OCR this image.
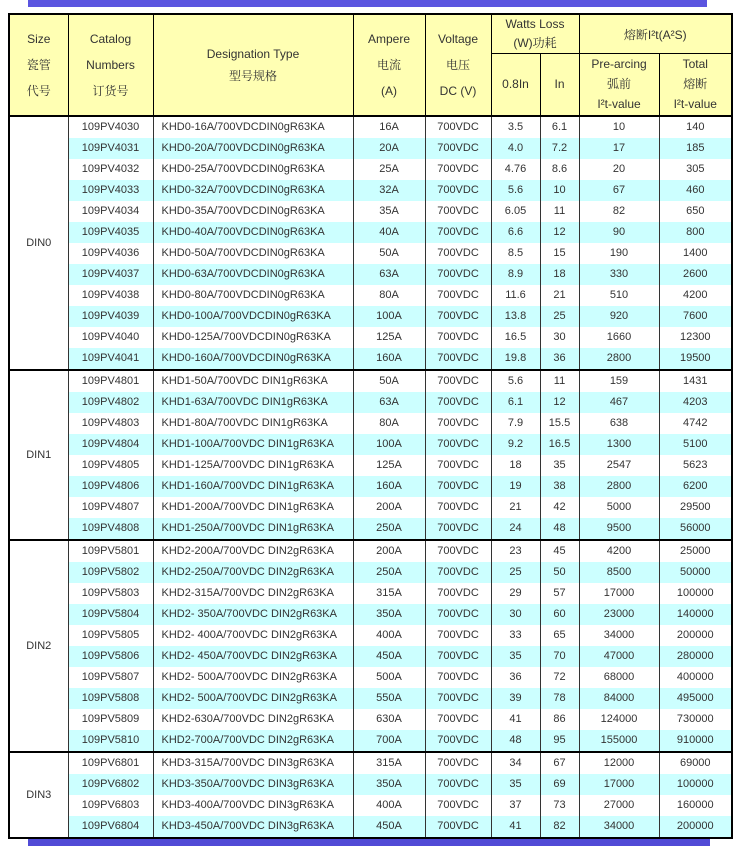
Size
瓷管
代号

Catalog
Numbers
订货号

Designation Type
型号规格

Ampere
电流
(A)

Voltage
电压
DC (V)

Watts Loss
(W)功耗

熔断I²t(A²S)

0.8In	In

Pre-arcing
弧前
I²t-value

Total
熔断
I²t-value

DIN0	109PV4030	KHD0-16A/700VDCDIN0gR63KA	16A	700VDC	3.5	6.1	10	140
	109PV4031	KHD0-20A/700VDCDIN0gR63KA	20A	700VDC	4.0	7.2	17	185
	109PV4032	KHD0-25A/700VDCDIN0gR63KA	25A	700VDC	4.76	8.6	20	305
	109PV4033	KHD0-32A/700VDCDIN0gR63KA	32A	700VDC	5.6	10	67	460
	109PV4034	KHD0-35A/700VDCDIN0gR63KA	35A	700VDC	6.05	11	82	650
	109PV4035	KHD0-40A/700VDCDIN0gR63KA	40A	700VDC	6.6	12	90	800
	109PV4036	KHD0-50A/700VDCDIN0gR63KA	50A	700VDC	8.5	15	190	1400
	109PV4037	KHD0-63A/700VDCDIN0gR63KA	63A	700VDC	8.9	18	330	2600
	109PV4038	KHD0-80A/700VDCDIN0gR63KA	80A	700VDC	11.6	21	510	4200
	109PV4039	KHD0-100A/700VDCDIN0gR63KA	100A	700VDC	13.8	25	920	7600
	109PV4040	KHD0-125A/700VDCDIN0gR63KA	125A	700VDC	16.5	30	1660	12300
	109PV4041	KHD0-160A/700VDCDIN0gR63KA	160A	700VDC	19.8	36	2800	19500
DIN1	109PV4801	KHD1-50A/700VDC DIN1gR63KA	50A	700VDC	5.6	11	159	1431
	109PV4802	KHD1-63A/700VDC DIN1gR63KA	63A	700VDC	6.1	12	467	4203
	109PV4803	KHD1-80A/700VDC DIN1gR63KA	80A	700VDC	7.9	15.5	638	4742
	109PV4804	KHD1-100A/700VDC DIN1gR63KA	100A	700VDC	9.2	16.5	1300	5100
	109PV4805	KHD1-125A/700VDC DIN1gR63KA	125A	700VDC	18	35	2547	5623
	109PV4806	KHD1-160A/700VDC DIN1gR63KA	160A	700VDC	19	38	2800	6200
	109PV4807	KHD1-200A/700VDC DIN1gR63KA	200A	700VDC	21	42	5000	29500
	109PV4808	KHD1-250A/700VDC DIN1gR63KA	250A	700VDC	24	48	9500	56000
DIN2	109PV5801	KHD2-200A/700VDC DIN2gR63KA	200A	700VDC	23	45	4200	25000
	109PV5802	KHD2-250A/700VDC DIN2gR63KA	250A	700VDC	25	50	8500	50000
	109PV5803	KHD2-315A/700VDC DIN2gR63KA	315A	700VDC	29	57	17000	100000
	109PV5804	KHD2- 350A/700VDC DIN2gR63KA	350A	700VDC	30	60	23000	140000
	109PV5805	KHD2- 400A/700VDC DIN2gR63KA	400A	700VDC	33	65	34000	200000
	109PV5806	KHD2- 450A/700VDC DIN2gR63KA	450A	700VDC	35	70	47000	280000
	109PV5807	KHD2- 500A/700VDC DIN2gR63KA	500A	700VDC	36	72	68000	400000
	109PV5808	KHD2- 500A/700VDC DIN2gR63KA	550A	700VDC	39	78	84000	495000
	109PV5809	KHD2-630A/700VDC DIN2gR63KA	630A	700VDC	41	86	124000	730000
	109PV5810	KHD2-700A/700VDC DIN2gR63KA	700A	700VDC	48	95	155000	910000
DIN3	109PV6801	KHD3-315A/700VDC DIN3gR63KA	315A	700VDC	34	67	12000	69000
	109PV6802	KHD3-350A/700VDC DIN3gR63KA	350A	700VDC	35	69	17000	100000
	109PV6803	KHD3-400A/700VDC DIN3gR63KA	400A	700VDC	37	73	27000	160000
	109PV6804	KHD3-450A/700VDC DIN3gR63KA	450A	700VDC	41	82	34000	200000
